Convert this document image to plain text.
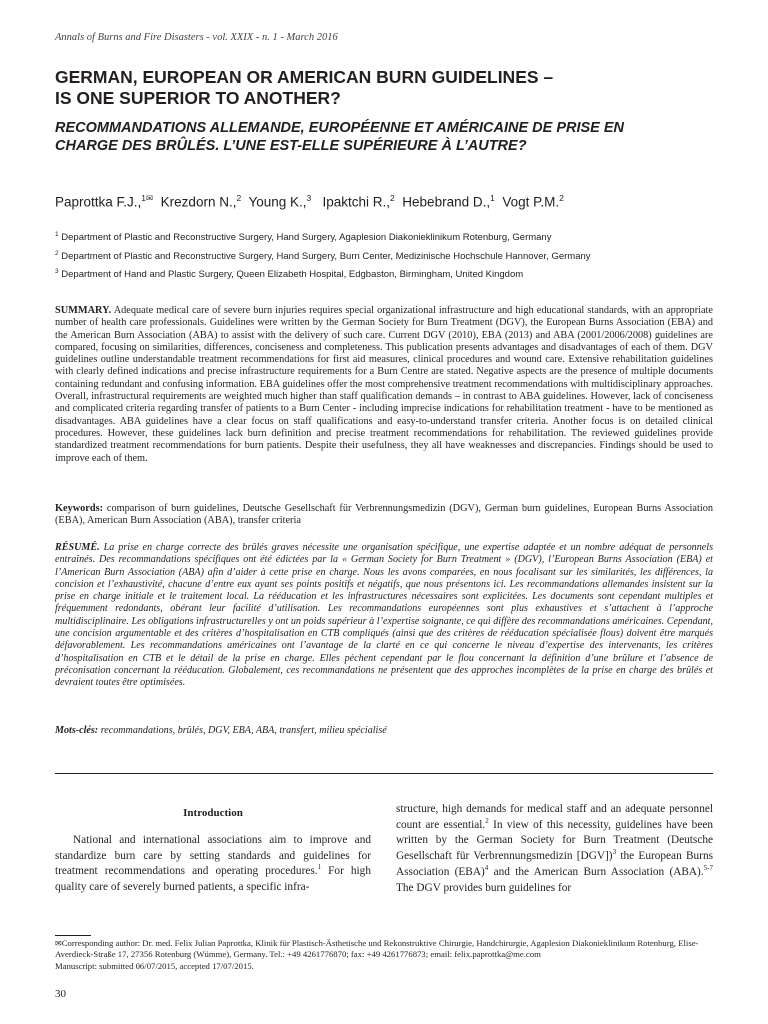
Annals of Burns and Fire Disasters - vol. XXIX - n. 1 - March 2016
GERMAN, EUROPEAN OR AMERICAN BURN GUIDELINES –
IS ONE SUPERIOR TO ANOTHER?
RECOMMANDATIONS ALLEMANDE, EUROPÉENNE ET AMÉRICAINE DE PRISE EN
CHARGE DES BRÛLÉS. L’UNE EST-ELLE SUPÉRIEURE À L’AUTRE?
Paprottka F.J.,$^{1✉}$ Krezdorn N.,$^2$ Young K.,$^3$ Ipaktchi R.,$^2$ Hebebrand D.,$^1$ Vogt P.M.$^2$
$^1$ Department of Plastic and Reconstructive Surgery, Hand Surgery, Agaplesion Diakonieklinikum Rotenburg, Germany
$^2$ Department of Plastic and Reconstructive Surgery, Hand Surgery, Burn Center, Medizinische Hochschule Hannover, Germany
$^3$ Department of Hand and Plastic Surgery, Queen Elizabeth Hospital, Edgbaston, Birmingham, United Kingdom

SUMMARY. Adequate medical care of severe burn injuries requires special organizational infrastructure and high educational standards, with an appropriate number of health care professionals. Guidelines were written by the German Society for Burn Treatment (DGV), the European Burns Association (EBA) and the American Burn Association (ABA) to assist with the delivery of such care. Current DGV (2010), EBA (2013) and ABA (2001/2006/2008) guidelines are compared, focusing on similarities, differences, conciseness and completeness. This publication presents advantages and disadvantages of each of them. DGV guidelines outline understandable treatment recommendations for first aid measures, clinical procedures and wound care. Extensive rehabilitation guidelines with clearly defined indications and precise infrastructure requirements for a Burn Centre are stated. Negative aspects are the presence of multiple documents containing redundant and confusing information. EBA guidelines offer the most comprehensive treatment recommendations with multidisciplinary approaches. Overall, infrastructural requirements are weighted much higher than staff qualification demands – in contrast to ABA guidelines. However, lack of conciseness and complicated criteria regarding transfer of patients to a Burn Center - including imprecise indications for rehabilitation treatment - have to be mentioned as disadvantages. ABA guidelines have a clear focus on staff qualifications and easy-to-understand transfer criteria. Another focus is on detailed clinical procedures. However, these guidelines lack burn definition and precise treatment recommendations for rehabilitation. The reviewed guidelines provide standardized treatment recommendations for burn patients. Despite their usefulness, they all have weaknesses and discrepancies. Findings should be used to improve each of them.

Keywords: comparison of burn guidelines, Deutsche Gesellschaft für Verbrennungsmedizin (DGV), German burn guidelines, European Burns Association (EBA), American Burn Association (ABA), transfer criteria

RÉSUMÉ. La prise en charge correcte des brûlés graves nécessite une organisation spécifique, une expertise adaptée et un nombre adéquat de personnels entraînés. Des recommandations spécifiques ont été édictées par la « German Society for Burn Treatment » (DGV), l’European Burns Association (EBA) et l’American Burn Association (ABA) afin d’aider à cette prise en charge. Nous les avons comparées, en nous focalisant sur les similarités, les différences, la concision et l’exhaustivité, chacune d’entre eux ayant ses points positifs et négatifs, que nous présentons ici. Les recommandations allemandes insistent sur la prise en charge initiale et le traitement local. La rééducation et les infrastructures nécessaires sont explicitées. Les documents sont cependant multiples et fréquemment redondants, obérant leur facilité d’utilisation. Les recommandations européennes sont plus exhaustives et s’attachent à l’approche multidisciplinaire. Les obligations infrastructurelles y ont un poids supérieur à l’expertise soignante, ce qui diffère des recommandations américaines. Cependant, une concision argumentable et des critères d’hospitalisation en CTB compliqués (ainsi que des critères de rééducation spécialisée flous) doivent être marqués défavorablement. Les recommandations américaines ont l’avantage de la clarté en ce qui concerne le niveau d’expertise des intervenants, les critères d’hospitalisation en CTB et le détail de la prise en charge. Elles pèchent cependant par le flou concernant la définition d’une brûlure et l’absence de préconisation concernant la rééducation. Globalement, ces recommandations ne présentent que des approches incomplètes de la prise en charge des brûlés et devraient toutes être optimisées.

Mots-clés: recommandations, brûlés, DGV, EBA, ABA, transfert, milieu spécialisé

Introduction

National and international associations aim to improve and standardize burn care by setting standards and guidelines for treatment recommendations and operating procedures.$^1$ For high quality care of severely burned patients, a specific infra-

structure, high demands for medical staff and an adequate personnel count are essential.$^2$ In view of this necessity, guidelines have been written by the German Society for Burn Treatment (Deutsche Gesellschaft für Verbrennungsmedizin [DGV])$^3$ the European Burns Association (EBA)$^4$ and the American Burn Association (ABA).$^{5-7}$ The DGV provides burn guidelines for

✉Corresponding author: Dr. med. Felix Julian Paprottka, Klinik für Plastisch-Ästhetische und Rekonstruktive Chirurgie, Handchirurgie, Agaplesion Diakonieklinikum Rotenburg, Elise-Averdieck-Straße 17, 27356 Rotenburg (Wümme), Germany. Tel.: +49 4261776870; fax: +49 4261776873; email: felix.paprottka@me.com
Manuscript: submitted 06/07/2015, accepted 17/07/2015.

30
